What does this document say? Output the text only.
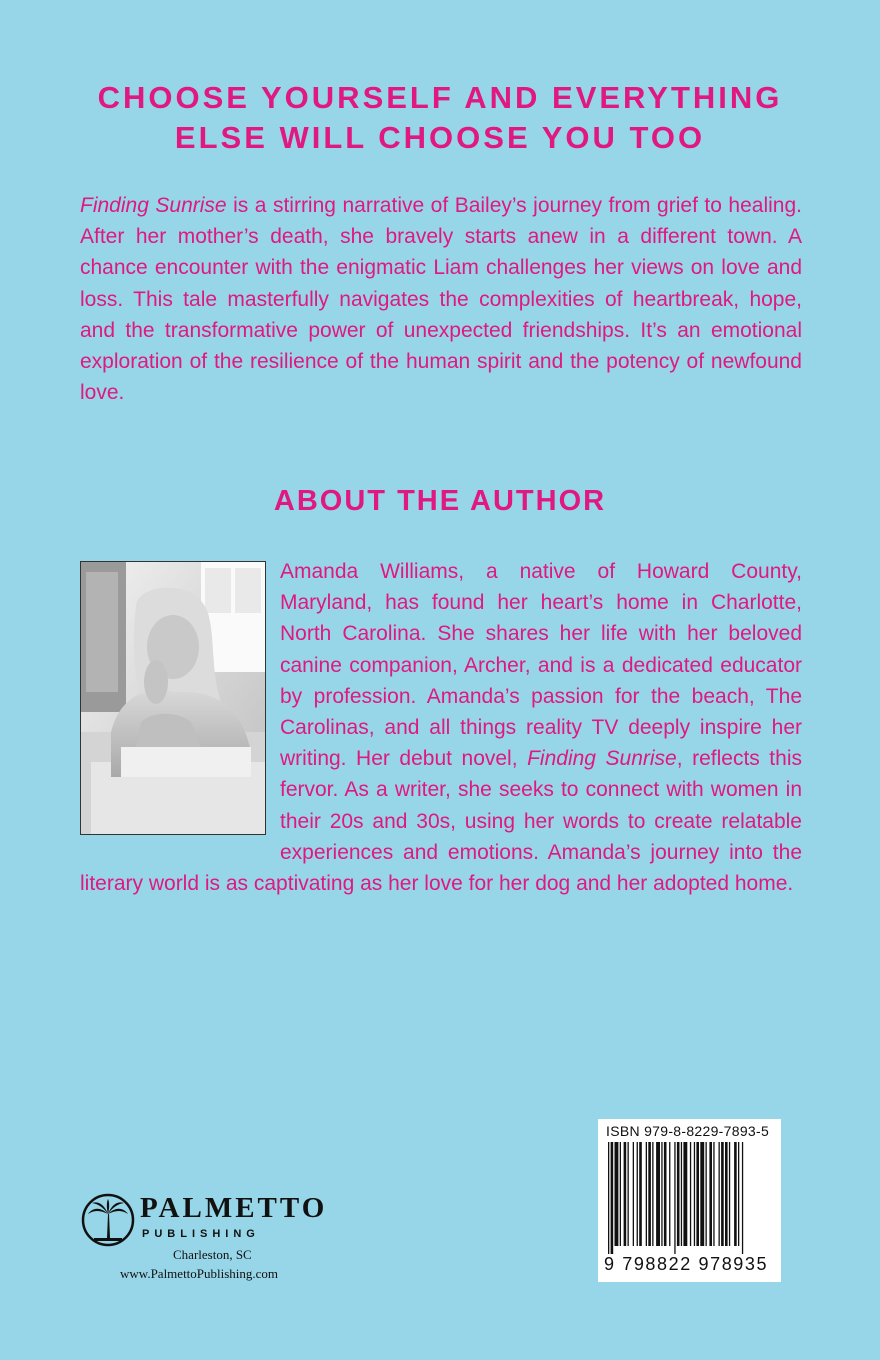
CHOOSE YOURSELF AND EVERYTHING
ELSE WILL CHOOSE YOU TOO
Finding Sunrise is a stirring narrative of Bailey’s journey from grief to healing. After her mother’s death, she bravely starts anew in a different town. A chance encounter with the enigmatic Liam challenges her views on love and loss. This tale masterfully navigates the complexities of heartbreak, hope, and the transformative power of unexpected friendships. It’s an emotional exploration of the resilience of the human spirit and the potency of newfound love.
ABOUT THE AUTHOR
Amanda Williams, a native of Howard County, Maryland, has found her heart’s home in Charlotte, North Carolina. She shares her life with her beloved canine companion, Archer, and is a dedicated educator by profession. Amanda’s passion for the beach, The Carolinas, and all things reality TV deeply inspire her writing. Her debut novel, Finding Sunrise, reflects this fervor. As a writer, she seeks to connect with women in their 20s and 30s, using her words to create relatable experiences and emotions. Amanda’s journey into the literary world is as captivating as her love for her dog and her adopted home.
PALMETTO
PUBLISHING
Charleston, SC
www.PalmettoPublishing.com
ISBN 979-8-8229-7893-5
9 798822 978935
